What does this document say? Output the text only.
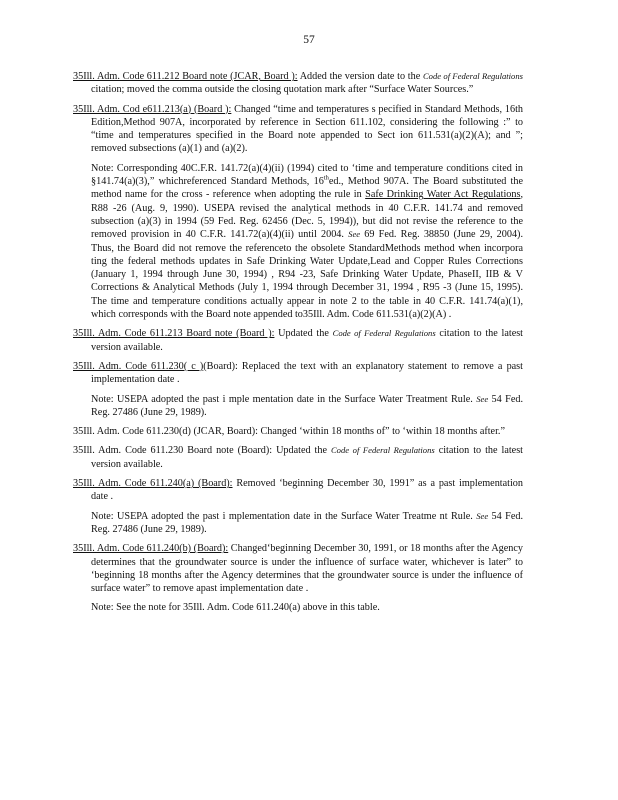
57

35Ill. Adm. Code 611.212 Board note (JCAR, Board ): Added the version date to the Code of Federal Regulations citation; moved the comma outside the closing quotation mark after “Surface Water Sources.”

35Ill. Adm. Cod e611.213(a) (Board ): Changed “time and temperatures s pecified in Standard Methods, 16th Edition,Method 907A, incorporated by reference in Section 611.102, considering the following :” to “time and temperatures specified in the Board note appended to Sect ion 611.531(a)(2)(A); and ”; removed subsections (a)(1) and (a)(2).

Note: Corresponding 40C.F.R. 141.72(a)(4)(ii) (1994) cited to ‘time and temperature conditions cited in §141.74(a)(3),” whichreferenced Standard Methods, 16thed., Method 907A. The Board substituted the method name for the cross - reference when adopting the rule in Safe Drinking Water Act Regulations, R88 -26 (Aug. 9, 1990). USEPA revised the analytical methods in 40 C.F.R. 141.74 and removed subsection (a)(3) in 1994 (59 Fed. Reg. 62456 (Dec. 5, 1994)), but did not revise the reference to the removed provision in 40 C.F.R. 141.72(a)(4)(ii) until 2004. See 69 Fed. Reg. 38850 (June 29, 2004). Thus, the Board did not remove the referenceto the obsolete StandardMethods method when incorpora ting the federal methods updates in Safe Drinking Water Update,Lead and Copper Rules Corrections (January 1, 1994 through June 30, 1994) , R94 -23, Safe Drinking Water Update, PhaseII, IIB & V Corrections & Analytical Methods (July 1, 1994 through December 31, 1994 , R95 -3 (June 15, 1995). The time and temperature conditions actually appear in note 2 to the table in 40 C.F.R. 141.74(a)(1), which corresponds with the Board note appended to35Ill. Adm. Code 611.531(a)(2)(A) .

35Ill. Adm. Code 611.213 Board note (Board ): Updated the Code of Federal Regulations citation to the latest version available.

35Ill. Adm. Code 611.230( c )(Board): Replaced the text with an explanatory statement to remove a past implementation date .

Note: USEPA adopted the past i mple mentation date in the Surface Water Treatment Rule. See 54 Fed. Reg. 27486 (June 29, 1989).

35Ill. Adm. Code 611.230(d) (JCAR, Board): Changed ‘within 18 months of” to ‘within 18 months after.”

35Ill. Adm. Code 611.230 Board note (Board): Updated the Code of Federal Regulations citation to the latest version available.

35Ill. Adm. Code 611.240(a) (Board): Removed ‘beginning December 30, 1991” as a past implementation date .

Note: USEPA adopted the past i mplementation date in the Surface Water Treatme nt Rule. See 54 Fed. Reg. 27486 (June 29, 1989).

35Ill. Adm. Code 611.240(b) (Board): Changed‘beginning December 30, 1991, or 18 months after the Agency determines that the groundwater source is under the influence of surface water, whichever is later” to ‘beginning 18 months after the Agency determines that the groundwater source is under the influence of surface water” to remove apast implementation date .

Note: See the note for 35Ill. Adm. Code 611.240(a) above in this table.
